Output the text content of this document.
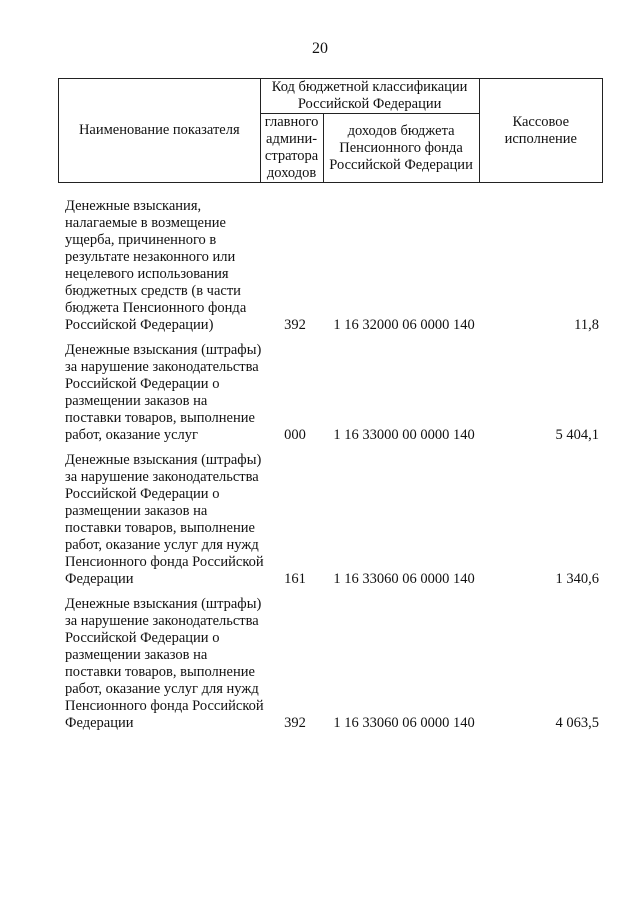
20
Наименование показателя	Код бюджетной классификации Российской Федерации		Кассовое исполнение
	главного админи-стратора доходов	доходов бюджета Пенсионного фонда Российской Федерации	
Денежные взыскания, налагаемые в возмещение ущерба, причиненного в результате незаконного или нецелевого использования бюджетных средств (в части бюджета Пенсионного фонда Российской Федерации)	392	1 16 32000 06 0000 140	11,8
Денежные взыскания (штрафы) за нарушение законодательства Российской Федерации о размещении заказов на поставки товаров, выполнение работ, оказание услуг	000	1 16 33000 00 0000 140	5 404,1
Денежные взыскания (штрафы) за нарушение законодательства Российской Федерации о размещении заказов на поставки товаров, выполнение работ, оказание услуг для нужд Пенсионного фонда Российской Федерации	161	1 16 33060 06 0000 140	1 340,6
Денежные взыскания (штрафы) за нарушение законодательства Российской Федерации о размещении заказов на поставки товаров, выполнение работ, оказание услуг для нужд Пенсионного фонда Российской Федерации	392	1 16 33060 06 0000 140	4 063,5
